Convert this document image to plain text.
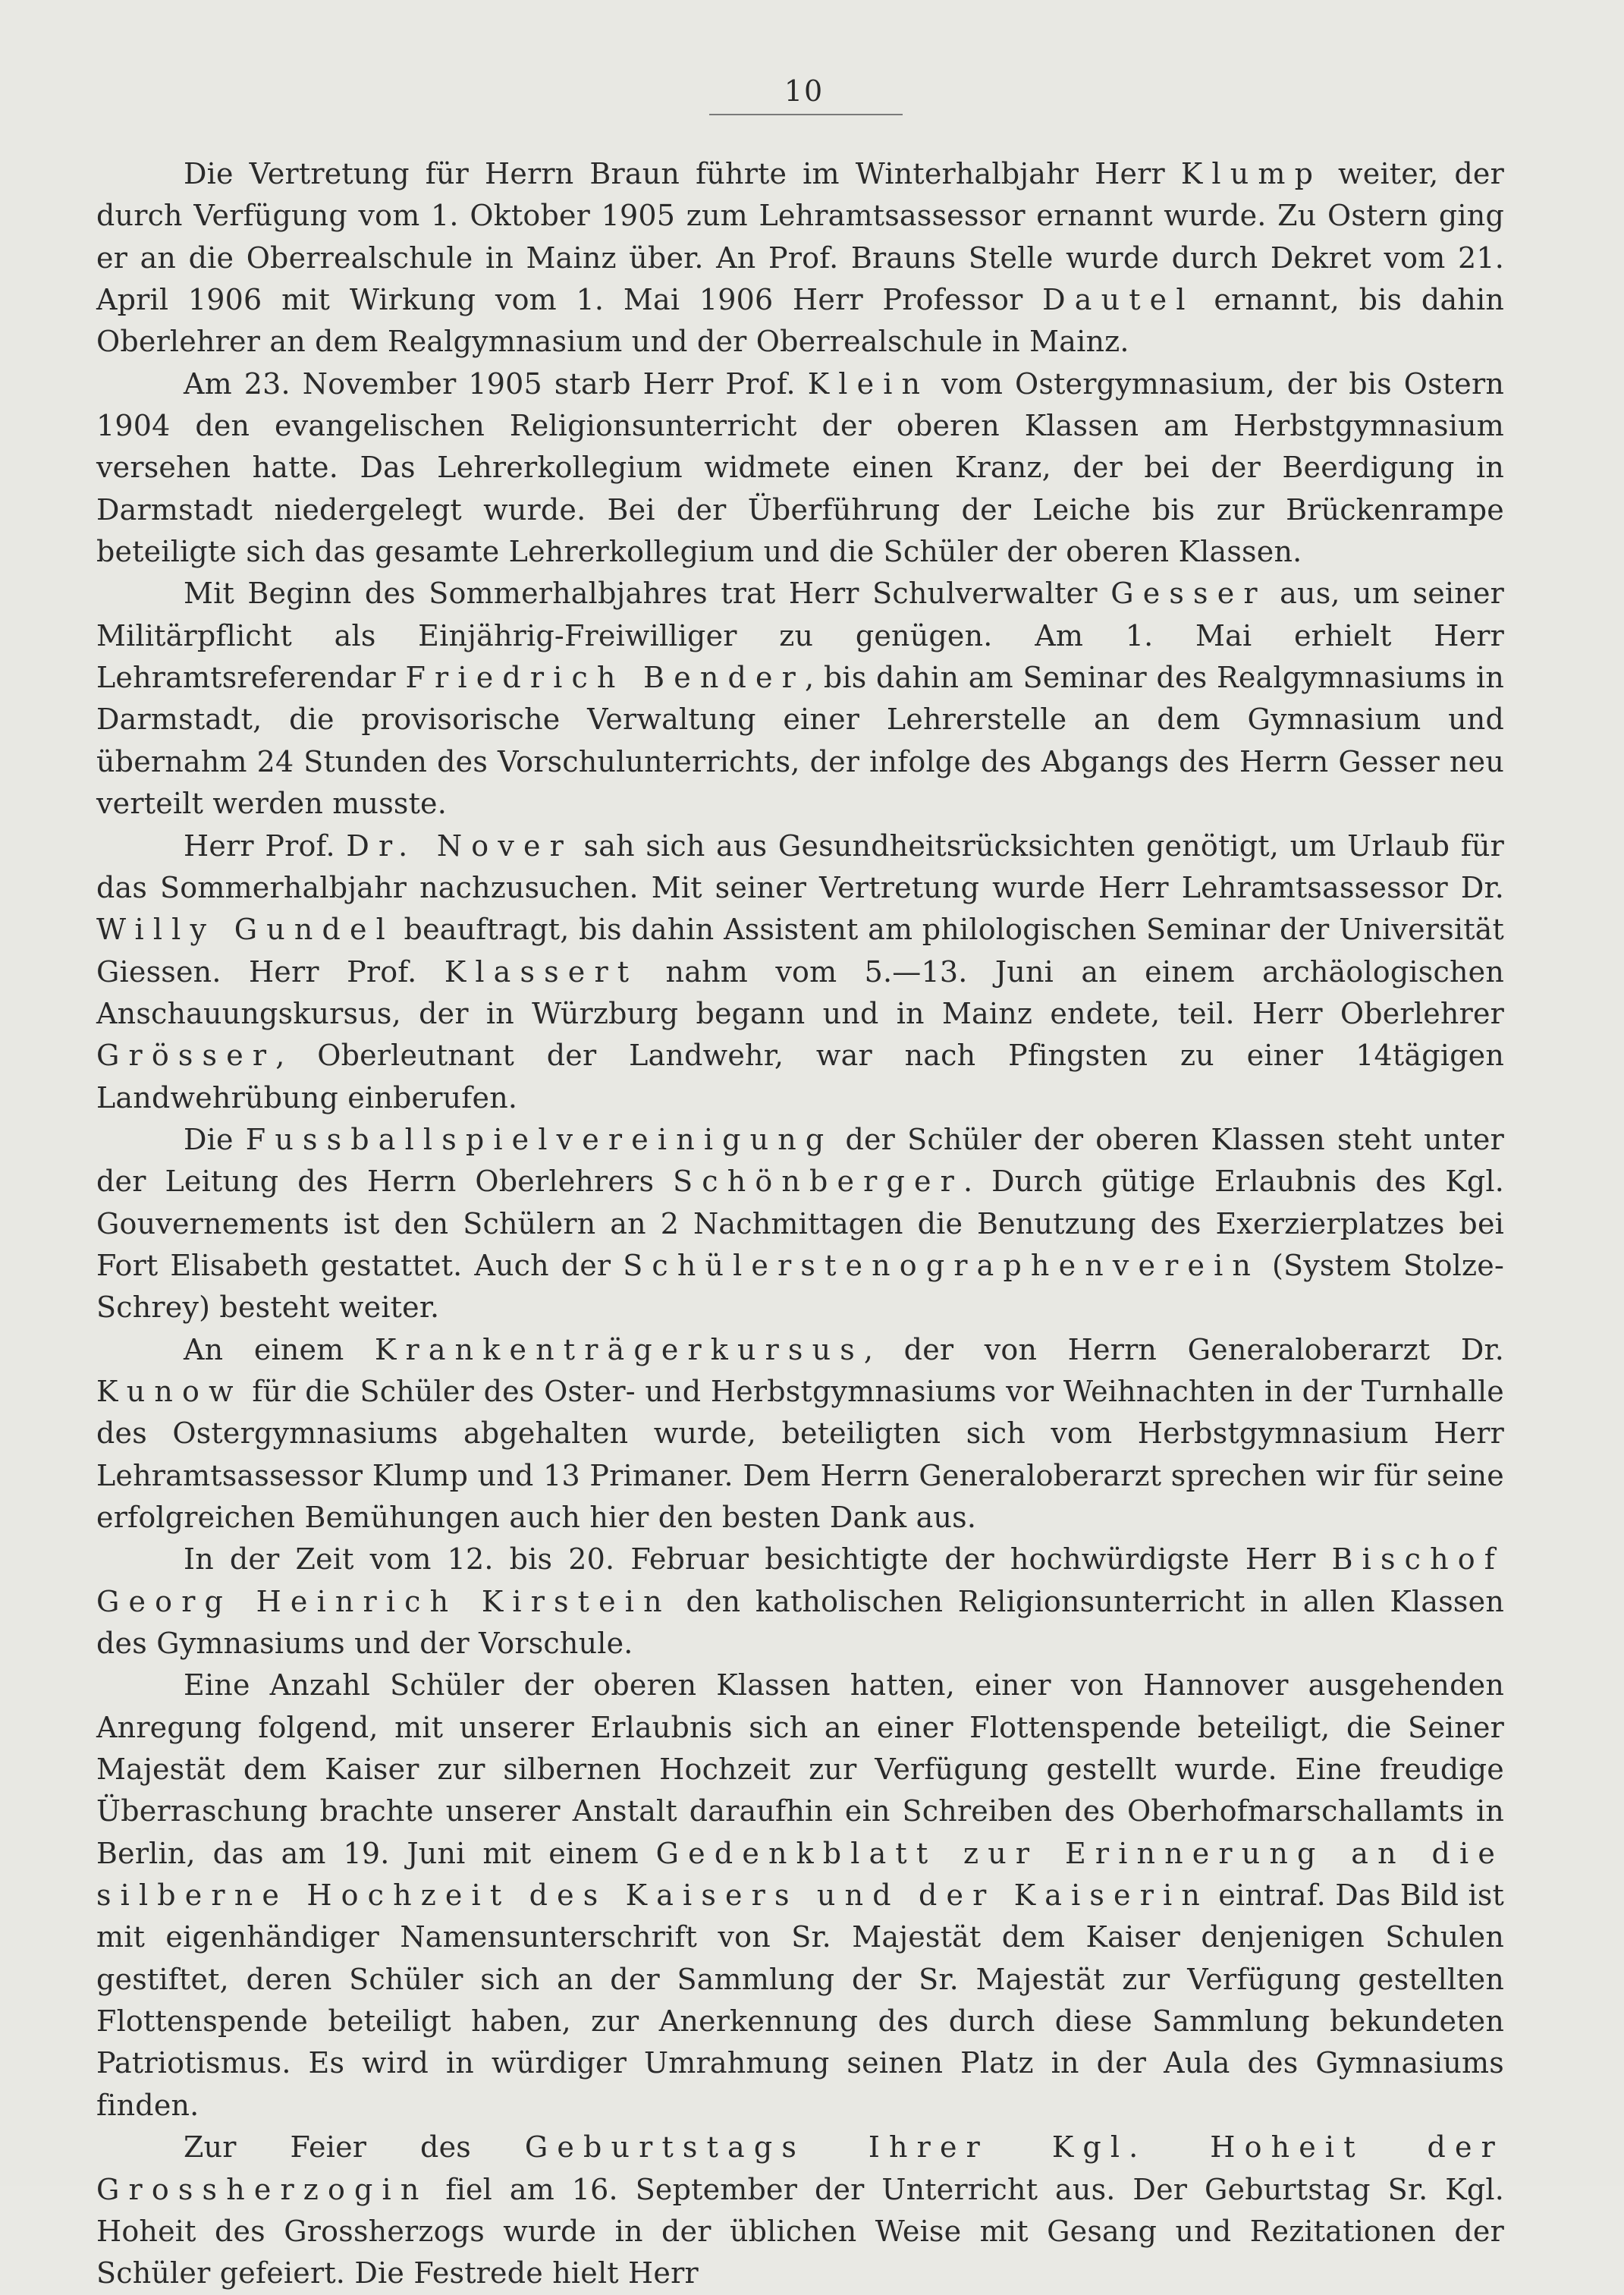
10

Die Vertretung für Herrn Braun führte im Winterhalbjahr Herr Klump weiter, der durch Verfügung vom 1. Oktober 1905 zum Lehramtsassessor ernannt wurde. Zu Ostern ging er an die Oberrealschule in Mainz über. An Prof. Brauns Stelle wurde durch Dekret vom 21. April 1906 mit Wirkung vom 1. Mai 1906 Herr Professor Dautel ernannt, bis dahin Oberlehrer an dem Realgymnasium und der Oberrealschule in Mainz.

Am 23. November 1905 starb Herr Prof. Klein vom Ostergymnasium, der bis Ostern 1904 den evangelischen Religionsunterricht der oberen Klassen am Herbstgymnasium versehen hatte. Das Lehrerkollegium widmete einen Kranz, der bei der Beerdigung in Darmstadt niedergelegt wurde. Bei der Überführung der Leiche bis zur Brückenrampe beteiligte sich das gesamte Lehrerkollegium und die Schüler der oberen Klassen.

Mit Beginn des Sommerhalbjahres trat Herr Schulverwalter Gesser aus, um seiner Militärpflicht als Einjährig-Freiwilliger zu genügen. Am 1. Mai erhielt Herr Lehramtsreferendar Friedrich Bender, bis dahin am Seminar des Realgymnasiums in Darmstadt, die provisorische Verwaltung einer Lehrerstelle an dem Gymnasium und übernahm 24 Stunden des Vorschulunterrichts, der infolge des Abgangs des Herrn Gesser neu verteilt werden musste.

Herr Prof. Dr. Nover sah sich aus Gesundheitsrücksichten genötigt, um Urlaub für das Sommerhalbjahr nachzusuchen. Mit seiner Vertretung wurde Herr Lehramtsassessor Dr. Willy Gundel beauftragt, bis dahin Assistent am philologischen Seminar der Universität Giessen. Herr Prof. Klassert nahm vom 5.—13. Juni an einem archäologischen Anschauungskursus, der in Würzburg begann und in Mainz endete, teil. Herr Oberlehrer Grösser, Oberleutnant der Landwehr, war nach Pfingsten zu einer 14tägigen Landwehrübung einberufen.

Die Fussballspielvereinigung der Schüler der oberen Klassen steht unter der Leitung des Herrn Oberlehrers Schönberger. Durch gütige Erlaubnis des Kgl. Gouvernements ist den Schülern an 2 Nachmittagen die Benutzung des Exerzierplatzes bei Fort Elisabeth gestattet. Auch der Schülerstenographenverein (System Stolze-Schrey) besteht weiter.

An einem Krankenträgerkursus, der von Herrn Generaloberarzt Dr. Kunow für die Schüler des Oster- und Herbstgymnasiums vor Weihnachten in der Turnhalle des Ostergymnasiums abgehalten wurde, beteiligten sich vom Herbstgymnasium Herr Lehramtsassessor Klump und 13 Primaner. Dem Herrn Generaloberarzt sprechen wir für seine erfolgreichen Bemühungen auch hier den besten Dank aus.

In der Zeit vom 12. bis 20. Februar besichtigte der hochwürdigste Herr Bischof Georg Heinrich Kirstein den katholischen Religionsunterricht in allen Klassen des Gymnasiums und der Vorschule.

Eine Anzahl Schüler der oberen Klassen hatten, einer von Hannover ausgehenden Anregung folgend, mit unserer Erlaubnis sich an einer Flottenspende beteiligt, die Seiner Majestät dem Kaiser zur silbernen Hochzeit zur Verfügung gestellt wurde. Eine freudige Überraschung brachte unserer Anstalt daraufhin ein Schreiben des Oberhofmarschallamts in Berlin, das am 19. Juni mit einem Gedenkblatt zur Erinnerung an die silberne Hochzeit des Kaisers und der Kaiserin eintraf. Das Bild ist mit eigenhändiger Namensunterschrift von Sr. Majestät dem Kaiser denjenigen Schulen gestiftet, deren Schüler sich an der Sammlung der Sr. Majestät zur Verfügung gestellten Flottenspende beteiligt haben, zur Anerkennung des durch diese Sammlung bekundeten Patriotismus. Es wird in würdiger Umrahmung seinen Platz in der Aula des Gymnasiums finden.

Zur Feier des Geburtstags Ihrer Kgl. Hoheit der Grossherzogin fiel am 16. September der Unterricht aus. Der Geburtstag Sr. Kgl. Hoheit des Grossherzogs wurde in der üblichen Weise mit Gesang und Rezitationen der Schüler gefeiert. Die Festrede hielt Herr
